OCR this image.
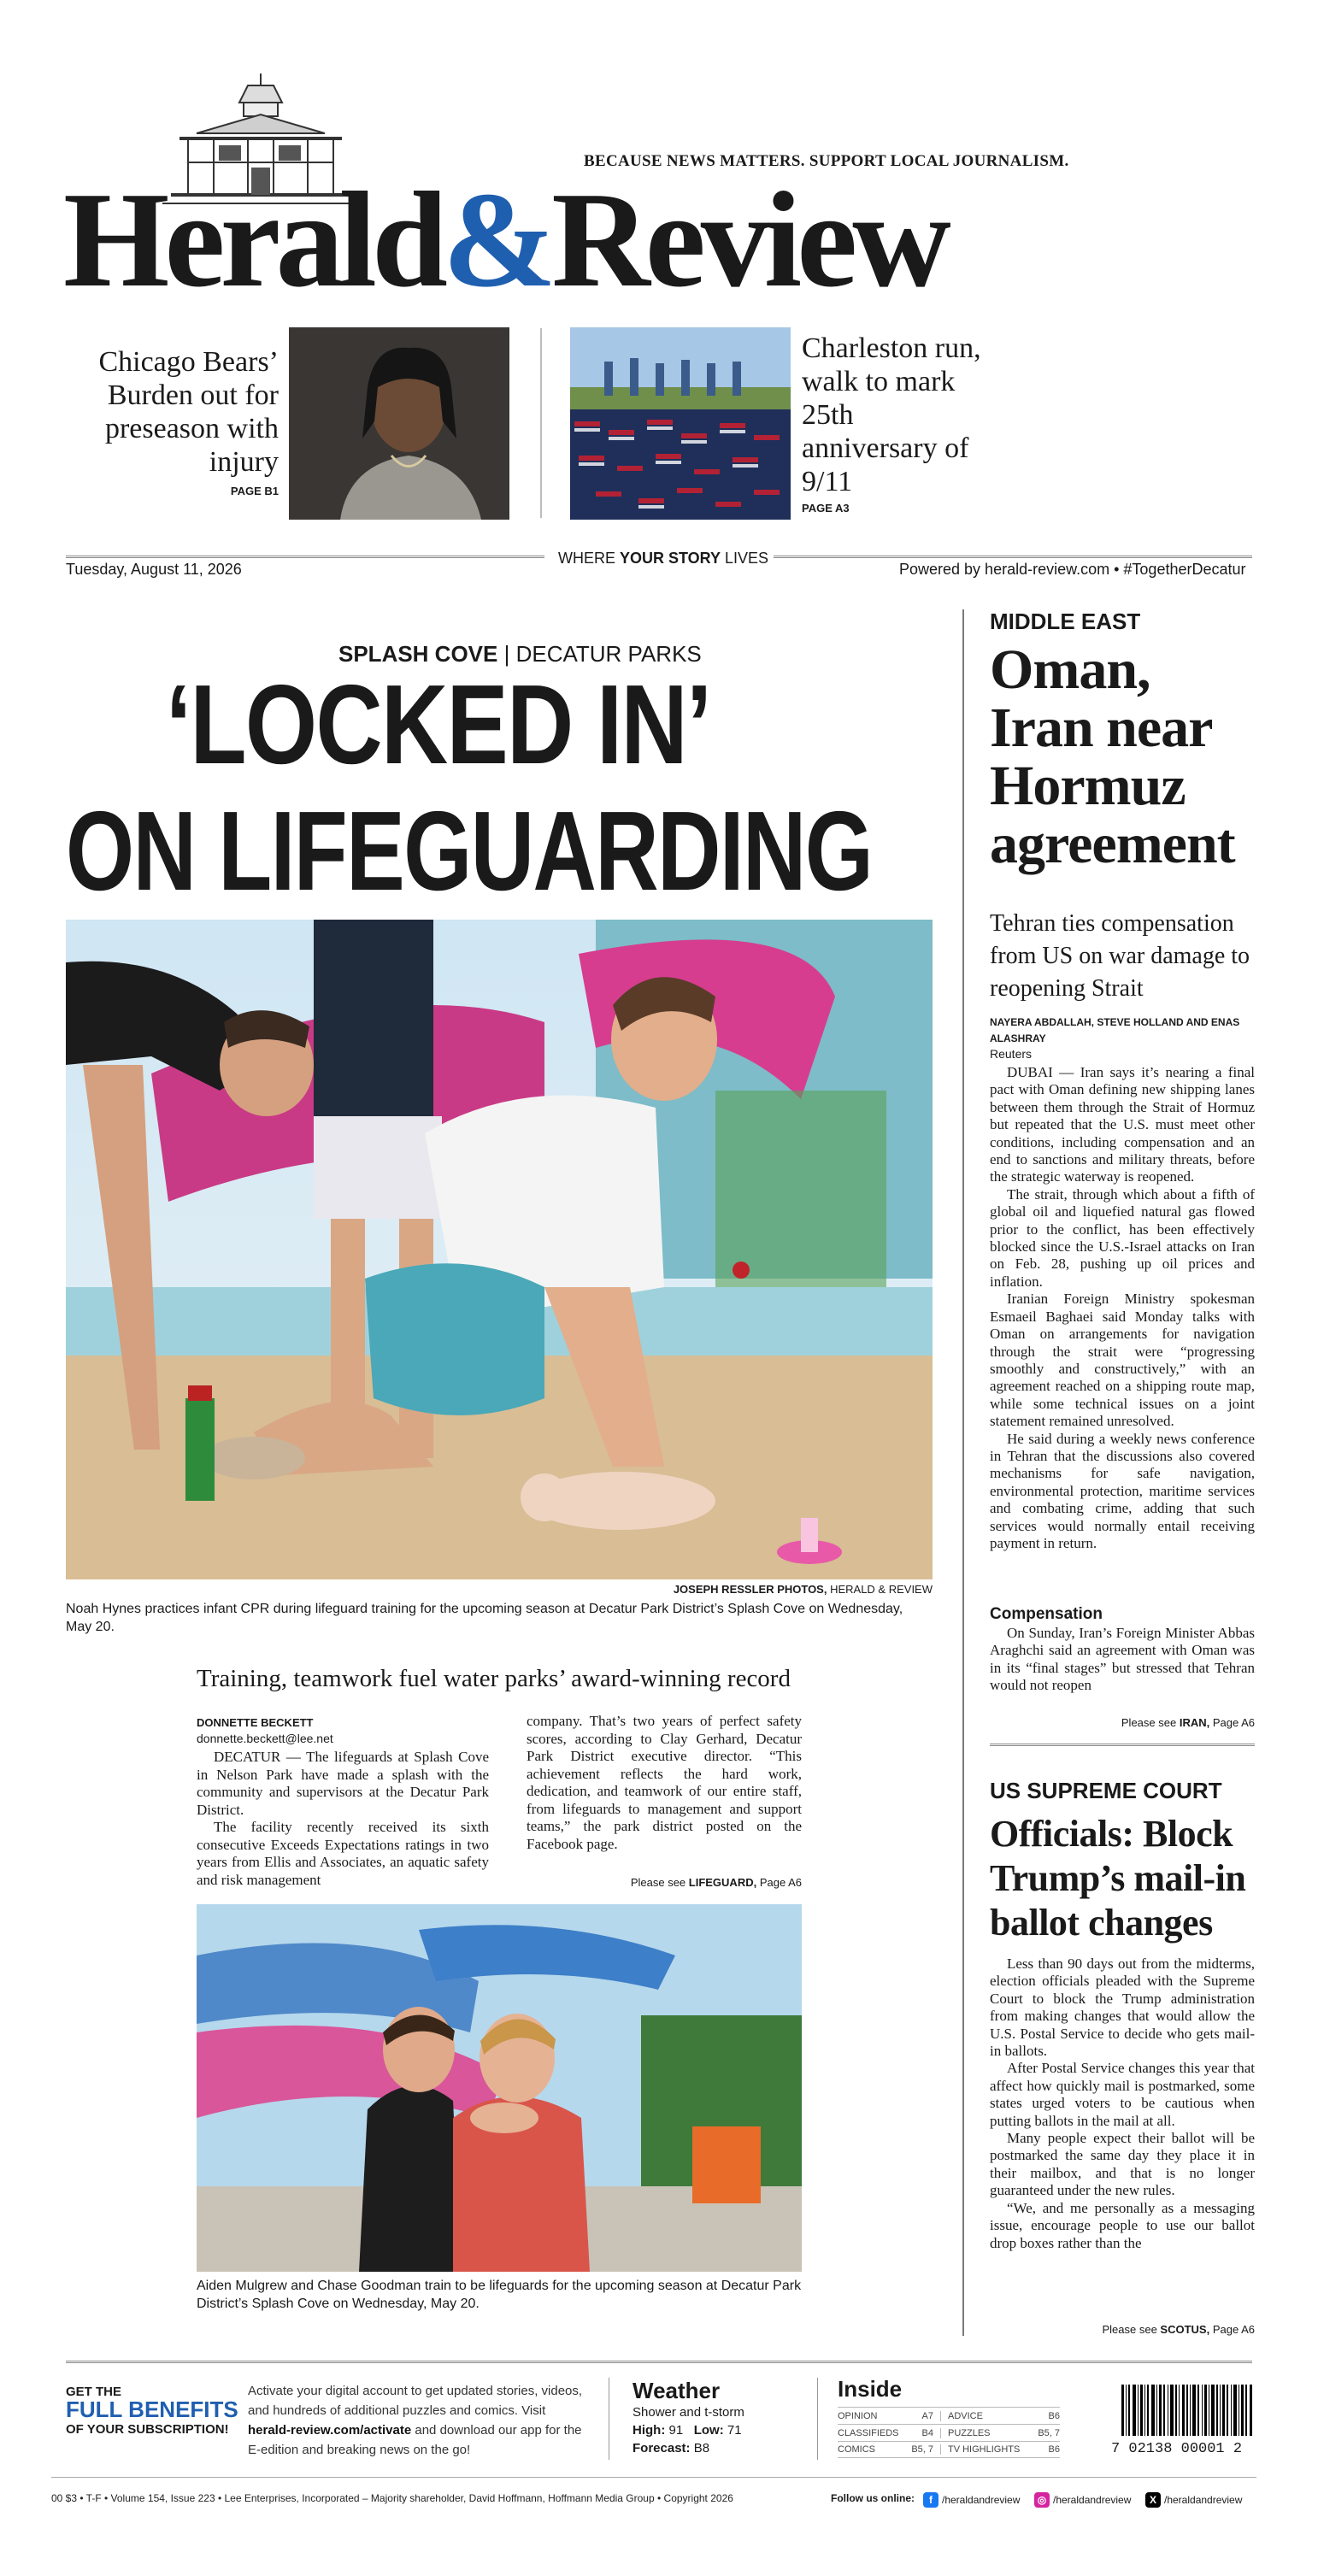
BECAUSE NEWS MATTERS. SUPPORT LOCAL JOURNALISM.
Herald&Review
Chicago Bears’ Burden out for preseason with injury
PAGE B1
Charleston run, walk to mark 25th anniversary of 9/11
PAGE A3
Tuesday, August 11, 2026
WHERE YOUR STORY LIVES
Powered by herald-review.com • #TogetherDecatur
SPLASH COVE | DECATUR PARKS
‘LOCKED IN’
ON LIFEGUARDING
JOSEPH RESSLER PHOTOS, HERALD & REVIEW
Noah Hynes practices infant CPR during lifeguard training for the upcoming season at Decatur Park District’s Splash Cove on Wednesday, May 20.
Training, teamwork fuel water parks’ award-winning record
DONNETTE BECKETT
donnette.beckett@lee.net

DECATUR — The lifeguards at Splash Cove in Nelson Park have made a splash with the community and supervisors at the Decatur Park District.

The facility recently received its sixth consecutive Exceeds Expectations ratings in two years from Ellis and Associates, an aquatic safety and risk management

company. That’s two years of perfect safety scores, according to Clay Gerhard, Decatur Park District executive director. “This achievement reflects the hard work, dedication, and teamwork of our entire staff, from lifeguards to management and support teams,” the park district posted on the Facebook page.

Please see LIFEGUARD, Page A6
Aiden Mulgrew and Chase Goodman train to be lifeguards for the upcoming season at Decatur Park District’s Splash Cove on Wednesday, May 20.
MIDDLE EAST
Oman, Iran near Hormuz agreement
Tehran ties compensation from US on war damage to reopening Strait
NAYERA ABDALLAH, STEVE HOLLAND AND ENAS ALASHRAY
Reuters

DUBAI — Iran says it’s nearing a final pact with Oman defining new shipping lanes between them through the Strait of Hormuz but repeated that the U.S. must meet other conditions, including compensation and an end to sanctions and military threats, before the strategic waterway is reopened.

The strait, through which about a fifth of global oil and liquefied natural gas flowed prior to the conflict, has been effectively blocked since the U.S.-Israel attacks on Iran on Feb. 28, pushing up oil prices and inflation.

Iranian Foreign Ministry spokesman Esmaeil Baghaei said Monday talks with Oman on arrangements for navigation through the strait were “progressing smoothly and constructively,” with an agreement reached on a shipping route map, while some technical issues on a joint statement remained unresolved.

He said during a weekly news conference in Tehran that the discussions also covered mechanisms for safe navigation, environmental protection, maritime services and combating crime, adding that such services would normally entail receiving payment in return.

Compensation

On Sunday, Iran’s Foreign Minister Abbas Araghchi said an agreement with Oman was in its “final stages” but stressed that Tehran would not reopen

Please see IRAN, Page A6
US SUPREME COURT
Officials: Block Trump’s mail-in ballot changes

Less than 90 days out from the midterms, election officials pleaded with the Supreme Court to block the Trump administration from making changes that would allow the U.S. Postal Service to decide who gets mail-in ballots.

After Postal Service changes this year that affect how quickly mail is postmarked, some states urged voters to be cautious when putting ballots in the mail at all.

Many people expect their ballot will be postmarked the same day they place it in their mailbox, and that is no longer guaranteed under the new rules.

“We, and me personally as a messaging issue, encourage people to use our ballot drop boxes rather than the

Please see SCOTUS, Page A6
GET THE
FULL BENEFITS
OF YOUR SUBSCRIPTION!
Activate your digital account to get updated stories, videos, and hundreds of additional puzzles and comics. Visit herald-review.com/activate and download our app for the E-edition and breaking news on the go!
Weather
Shower and t-storm
High: 91 Low: 71
Forecast: B8
Inside
OPINION	A7	ADVICE	B6
CLASSIFIEDS	B4	PUZZLES	B5, 7
COMICS	B5, 7	TV HIGHLIGHTS	B6	7 02138 00001 2
00 $3 • T-F • Volume 154, Issue 223 • Lee Enterprises, Incorporated – Majority shareholder, David Hoffmann, Hoffmann Media Group • Copyright 2026	Follow us online:	f /heraldandreview	◎ /heraldandreview	X /heraldandreview
